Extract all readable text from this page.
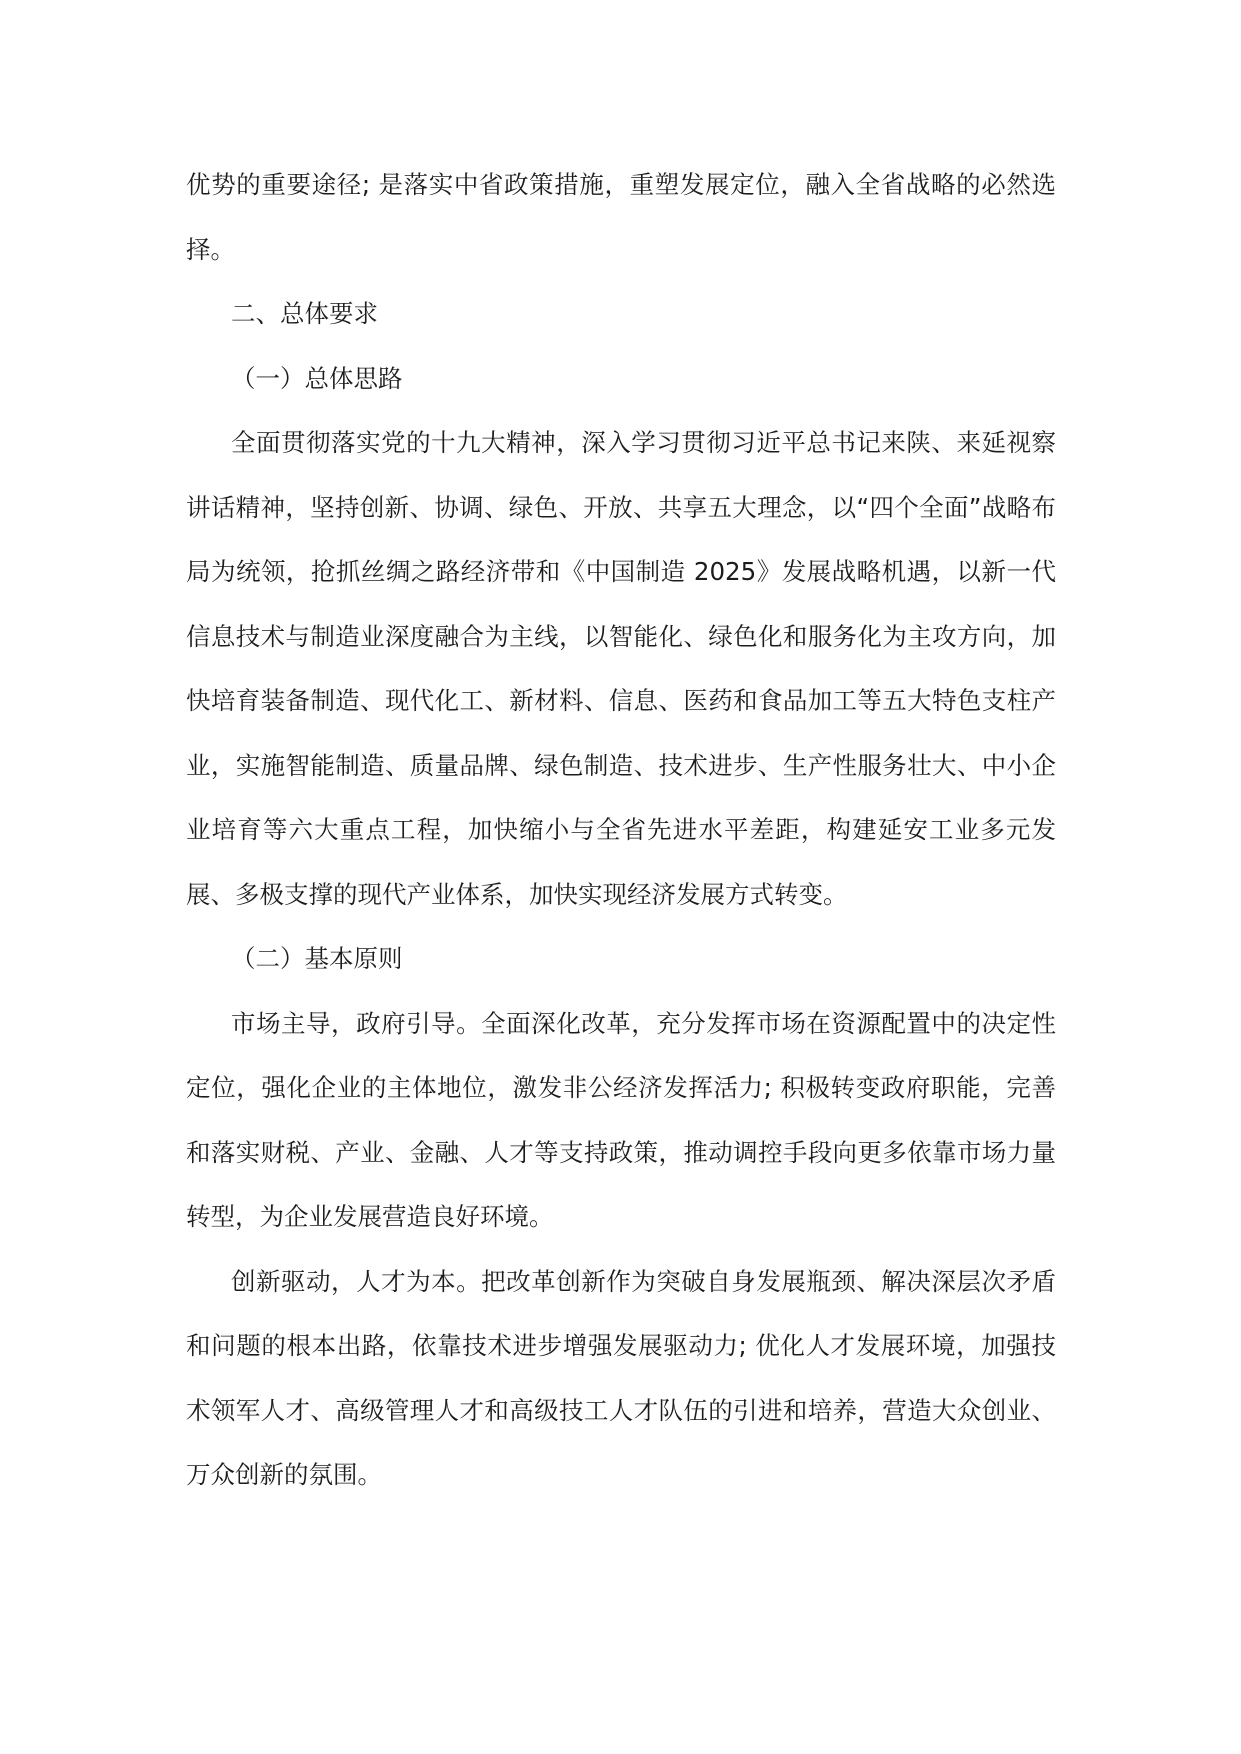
优势的重要途径; 是落实中省政策措施，重塑发展定位，融入全省战略的必然选择。

二、总体要求

（一）总体思路

全面贯彻落实党的十九大精神，深入学习贯彻习近平总书记来陕、来延视察讲话精神，坚持创新、协调、绿色、开放、共享五大理念，以“四个全面”战略布局为统领，抢抓丝绸之路经济带和《中国制造 2025》发展战略机遇，以新一代信息技术与制造业深度融合为主线，以智能化、绿色化和服务化为主攻方向，加快培育装备制造、现代化工、新材料、信息、医药和食品加工等五大特色支柱产业，实施智能制造、质量品牌、绿色制造、技术进步、生产性服务壮大、中小企业培育等六大重点工程，加快缩小与全省先进水平差距，构建延安工业多元发展、多极支撑的现代产业体系，加快实现经济发展方式转变。

（二）基本原则

市场主导，政府引导。全面深化改革，充分发挥市场在资源配置中的决定性定位，强化企业的主体地位，激发非公经济发挥活力; 积极转变政府职能，完善和落实财税、产业、金融、人才等支持政策，推动调控手段向更多依靠市场力量转型，为企业发展营造良好环境。

创新驱动，人才为本。把改革创新作为突破自身发展瓶颈、解决深层次矛盾和问题的根本出路，依靠技术进步增强发展驱动力; 优化人才发展环境，加强技术领军人才、高级管理人才和高级技工人才队伍的引进和培养，营造大众创业、万众创新的氛围。
